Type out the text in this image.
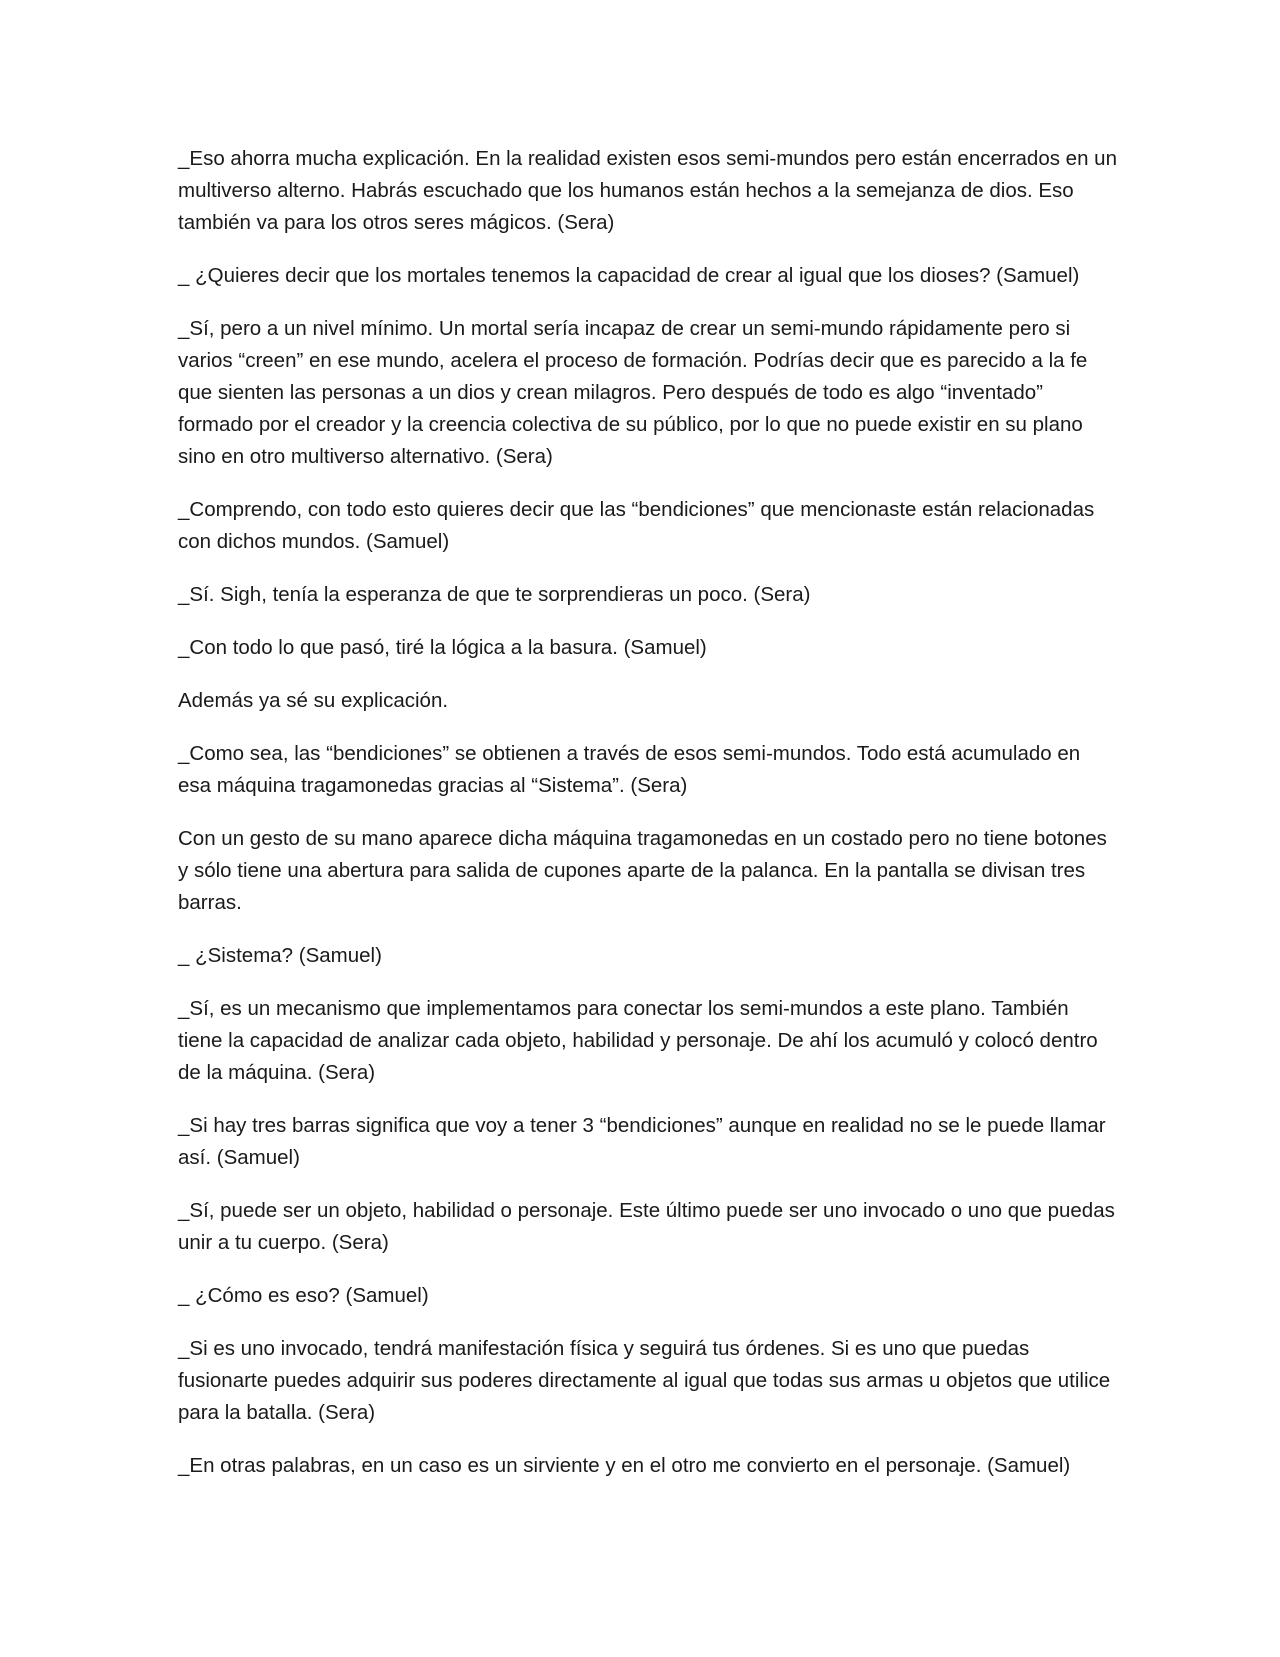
_Eso ahorra mucha explicación. En la realidad existen esos semi-mundos pero están encerrados en un multiverso alterno. Habrás escuchado que los humanos están hechos a la semejanza de dios. Eso también va para los otros seres mágicos. (Sera)

_ ¿Quieres decir que los mortales tenemos la capacidad de crear al igual que los dioses? (Samuel)

_Sí, pero a un nivel mínimo. Un mortal sería incapaz de crear un semi-mundo rápidamente pero si varios “creen” en ese mundo, acelera el proceso de formación. Podrías decir que es parecido a la fe que sienten las personas a un dios y crean milagros. Pero después de todo es algo “inventado” formado por el creador y la creencia colectiva de su público, por lo que no puede existir en su plano sino en otro multiverso alternativo. (Sera)

_Comprendo, con todo esto quieres decir que las “bendiciones” que mencionaste están relacionadas con dichos mundos. (Samuel)

_Sí. Sigh, tenía la esperanza de que te sorprendieras un poco. (Sera)

_Con todo lo que pasó, tiré la lógica a la basura. (Samuel)

Además ya sé su explicación.

_Como sea, las “bendiciones” se obtienen a través de esos semi-mundos. Todo está acumulado en esa máquina tragamonedas gracias al “Sistema”. (Sera)

Con un gesto de su mano aparece dicha máquina tragamonedas en un costado pero no tiene botones y sólo tiene una abertura para salida de cupones aparte de la palanca. En la pantalla se divisan tres barras.

_ ¿Sistema? (Samuel)

_Sí, es un mecanismo que implementamos para conectar los semi-mundos a este plano. También tiene la capacidad de analizar cada objeto, habilidad y personaje. De ahí los acumuló y colocó dentro de la máquina. (Sera)

_Si hay tres barras significa que voy a tener 3 “bendiciones” aunque en realidad no se le puede llamar así. (Samuel)

_Sí, puede ser un objeto, habilidad o personaje. Este último puede ser uno invocado o uno que puedas unir a tu cuerpo. (Sera)

_ ¿Cómo es eso? (Samuel)

_Si es uno invocado, tendrá manifestación física y seguirá tus órdenes. Si es uno que puedas fusionarte puedes adquirir sus poderes directamente al igual que todas sus armas u objetos que utilice para la batalla. (Sera)

_En otras palabras, en un caso es un sirviente y en el otro me convierto en el personaje. (Samuel)
